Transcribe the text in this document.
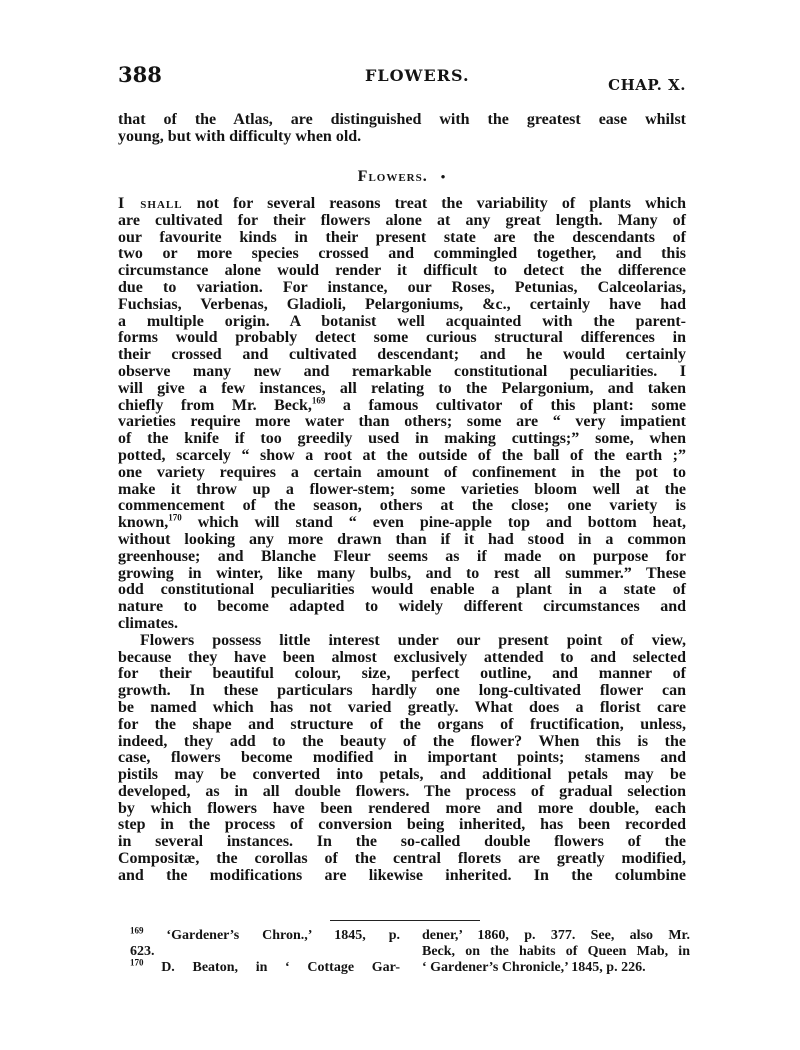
388	FLOWERS.	CHAP. X.

that of the Atlas, are distinguished with the greatest ease whilst

young, but with difficulty when old.

Flowers. •

I shall not for several reasons treat the variability of plants which

are cultivated for their flowers alone at any great length. Many of

our favourite kinds in their present state are the descendants of

two or more species crossed and commingled together, and this

circumstance alone would render it difficult to detect the difference

due to variation. For instance, our Roses, Petunias, Calceolarias,

Fuchsias, Verbenas, Gladioli, Pelargoniums, &c., certainly have had

a multiple origin. A botanist well acquainted with the parent-

forms would probably detect some curious structural differences in

their crossed and cultivated descendant; and he would certainly

observe many new and remarkable constitutional peculiarities. I

will give a few instances, all relating to the Pelargonium, and taken

chiefly from Mr. Beck,$^{169}$ a famous cultivator of this plant: some

varieties require more water than others; some are “ very impatient

of the knife if too greedily used in making cuttings;” some, when

potted, scarcely “ show a root at the outside of the ball of the earth ;”

one variety requires a certain amount of confinement in the pot to

make it throw up a flower-stem; some varieties bloom well at the

commencement of the season, others at the close; one variety is

known,$^{170}$ which will stand “ even pine-apple top and bottom heat,

without looking any more drawn than if it had stood in a common

greenhouse; and Blanche Fleur seems as if made on purpose for

growing in winter, like many bulbs, and to rest all summer.” These

odd constitutional peculiarities would enable a plant in a state of

nature to become adapted to widely different circumstances and

climates.

Flowers possess little interest under our present point of view,

because they have been almost exclusively attended to and selected

for their beautiful colour, size, perfect outline, and manner of

growth. In these particulars hardly one long-cultivated flower can

be named which has not varied greatly. What does a florist care

for the shape and structure of the organs of fructification, unless,

indeed, they add to the beauty of the flower? When this is the

case, flowers become modified in important points; stamens and

pistils may be converted into petals, and additional petals may be

developed, as in all double flowers. The process of gradual selection

by which flowers have been rendered more and more double, each

step in the process of conversion being inherited, has been recorded

in several instances. In the so-called double flowers of the

Compositæ, the corollas of the central florets are greatly modified,

and the modifications are likewise inherited. In the columbine

$^{169}$ ‘Gardener’s Chron.,’ 1845, p.

623.

$^{170}$ D. Beaton, in ‘ Cottage Gar-

dener,’ 1860, p. 377. See, also Mr.

Beck, on the habits of Queen Mab, in

‘ Gardener’s Chronicle,’ 1845, p. 226.
